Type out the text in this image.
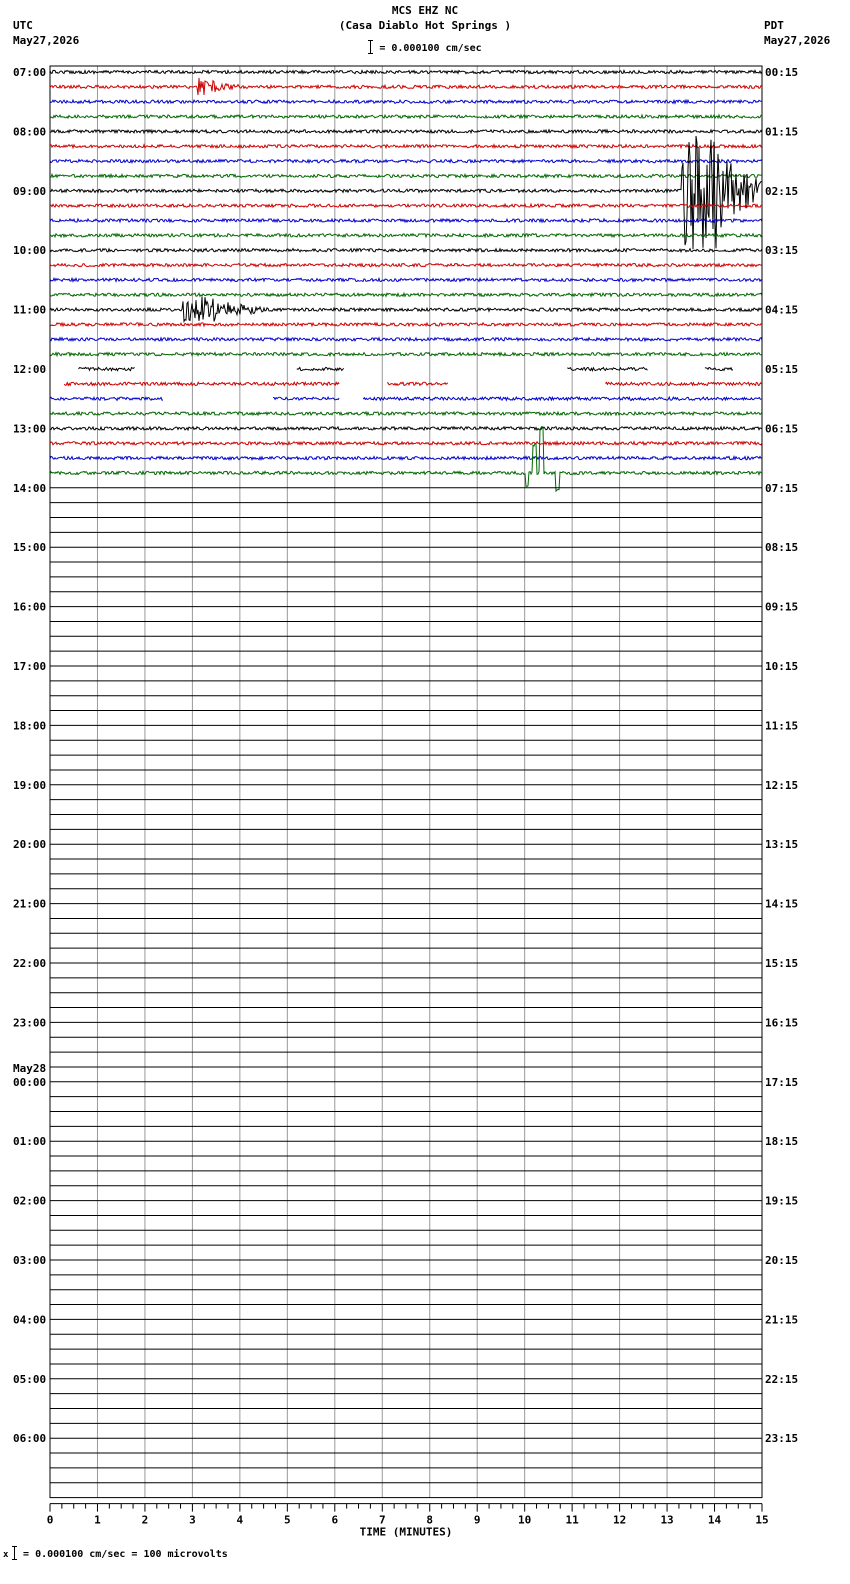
MCS EHZ NC
(Casa Diablo Hot Springs )
= 0.000100 cm/sec
UTC
May27,2026
PDT
May27,2026
07:00	00:15
08:00	01:15
09:00	02:15
10:00	03:15
11:00	04:15
12:00	05:15
13:00	06:15
14:00	07:15
15:00	08:15
16:00	09:15
17:00	10:15
18:00	11:15
19:00	12:15
20:00	13:15
21:00	14:15
22:00	15:15
23:00	16:15
00:00	17:15
01:00	18:15
02:00	19:15
03:00	20:15
04:00	21:15
05:00	22:15
06:00	23:15
May28
0	1	2	3	4	5	6	7	8	9	10	11	12	13	14	15
TIME (MINUTES)
x	= 0.000100 cm/sec = 100 microvolts
